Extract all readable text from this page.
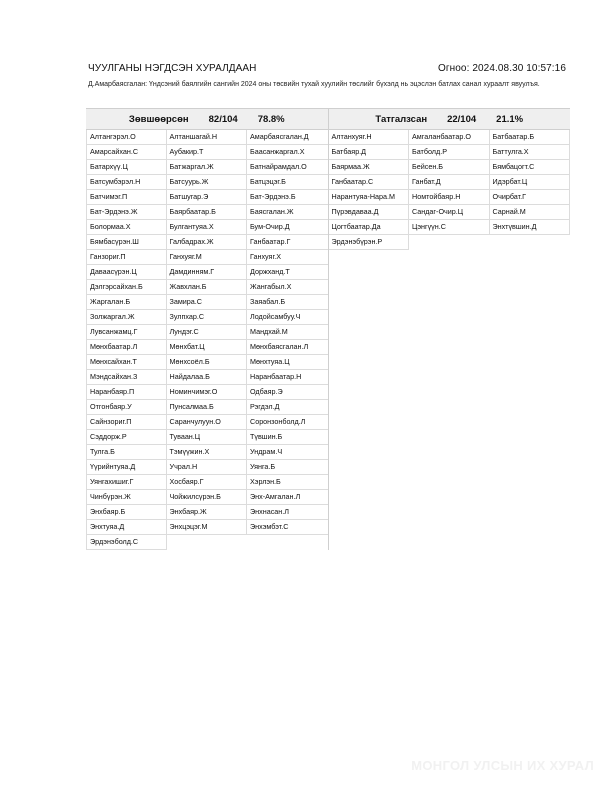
ЧУУЛГАНЫ НЭГДСЭН ХУРАЛДААН	Огноо: 2024.08.30 10:57:16
Д.Амарбаясгалан: Үндсэний баялгийн сангийн 2024 оны төсвийн тухай хуулийн төслийг бүхэлд нь эцэслэн батлах санал хураалт явуулъя.
Зөвшөөрсөн 82/104 78.8%
Алтангэрэл.О	Алтаншагай.Н	Амарбаясгалан.Д
Амарсайхан.С	Аубакир.Т	Баасанжаргал.Х
Батархүү.Ц	Батжаргал.Ж	Батнайрамдал.О
Батсумбэрэл.Н	Батсуурь.Ж	Батцэцэг.Б
Батчимэг.П	Батшугар.Э	Бат-Эрдэнэ.Б
Бат-Эрдэнэ.Ж	Баярбаатар.Б	Баясгалан.Ж
Болормаа.Х	Булгантуяа.Х	Бум-Очир.Д
Бямбасүрэн.Ш	Галбадрах.Ж	Ганбаатар.Г
Ганзориг.П	Ганхуяг.М	Ганхуяг.Х
Даваасүрэн.Ц	Дамдинням.Г	Доржханд.Т
Дэлгэрсайхан.Б	Жавхлан.Б	Жангабыл.Х
Жаргалан.Б	Замира.С	Заяабал.Б
Золжаргал.Ж	Зулпхар.С	Лодойсамбуу.Ч
Лувсанжамц.Г	Лундэг.С	Мандхай.М
Мөнхбаатар.Л	Мөнхбат.Ц	Мөнхбаясгалан.Л
Мөнхсайхан.Т	Мөнхсоёл.Б	Мөнхтуяа.Ц
Мэндсайхан.З	Найдалаа.Б	Наранбаатар.Н
Наранбаяр.П	Номинчимэг.О	Одбаяр.Э
Отгонбаяр.У	Пунсалмаа.Б	Рэгдэл.Д
Сайнзориг.П	Саранчулуун.О	Соронзонболд.Л
Сэддорж.Р	Туваан.Ц	Түвшин.Б
Тулга.Б	Тэмүүжин.Х	Ундрам.Ч
Үүрийнтуяа.Д	Учрал.Н	Уянга.Б
Уянгахишиг.Г	Хосбаяр.Г	Хэрлэн.Б
Чинбүрэн.Ж	Чойжилсүрэн.Б	Энх-Амгалан.Л
Энхбаяр.Б	Энхбаяр.Ж	Энхнасан.Л
Энхтуяа.Д	Энхцэцэг.М	Энхэмбэт.С
Эрдэнэболд.С
Татгалзсан 22/104 21.1%
Алтанхуяг.Н	Амгаланбаатар.О	Батбаатар.Б
Батбаяр.Д	Батболд.Р	Баттулга.Х
Баярмаа.Ж	Бейсен.Б	Бямбацогт.С
Ганбаатар.С	Ганбат.Д	Идэрбат.Ц
Нарантуяа-Нара.М	Номтойбаяр.Н	Очирбат.Г
Пүрэвдаваа.Д	Сандаг-Очир.Ц	Сарнай.М
Цогтбаатар.Да	Цэнгүүн.С	Энхтүвшин.Д
Эрдэнэбүрэн.Р
МОНГОЛ УЛСЫН ИХ ХУРАЛ
